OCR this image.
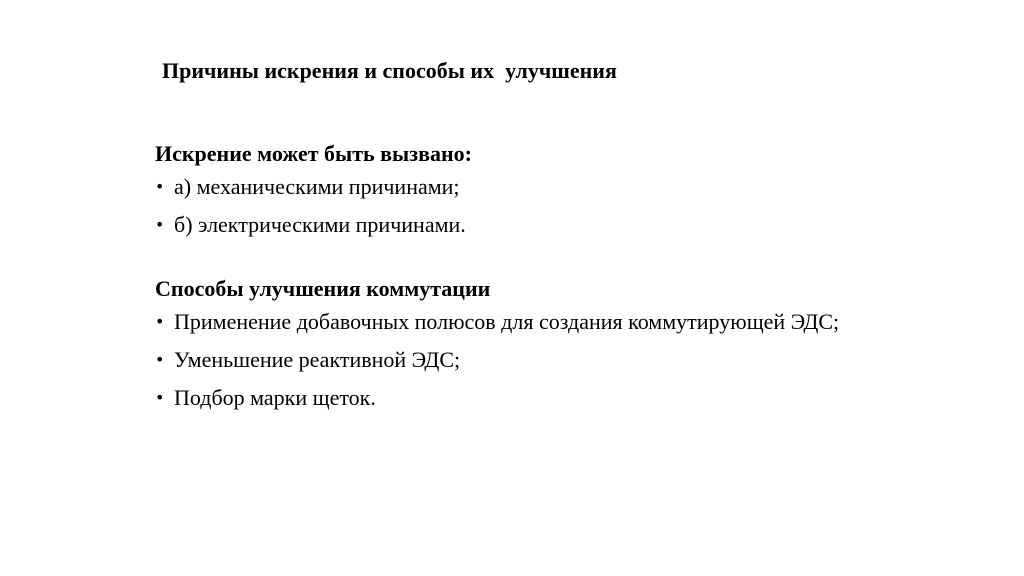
Причины искрения и способы их  улучшения

Искрение может быть вызвано:

• а) механическими причинами;
• б) электрическими причинами.

Способы улучшения коммутации

• Применение добавочных полюсов для создания коммутирующей ЭДС;
• Уменьшение реактивной ЭДС;
• Подбор марки щеток.
